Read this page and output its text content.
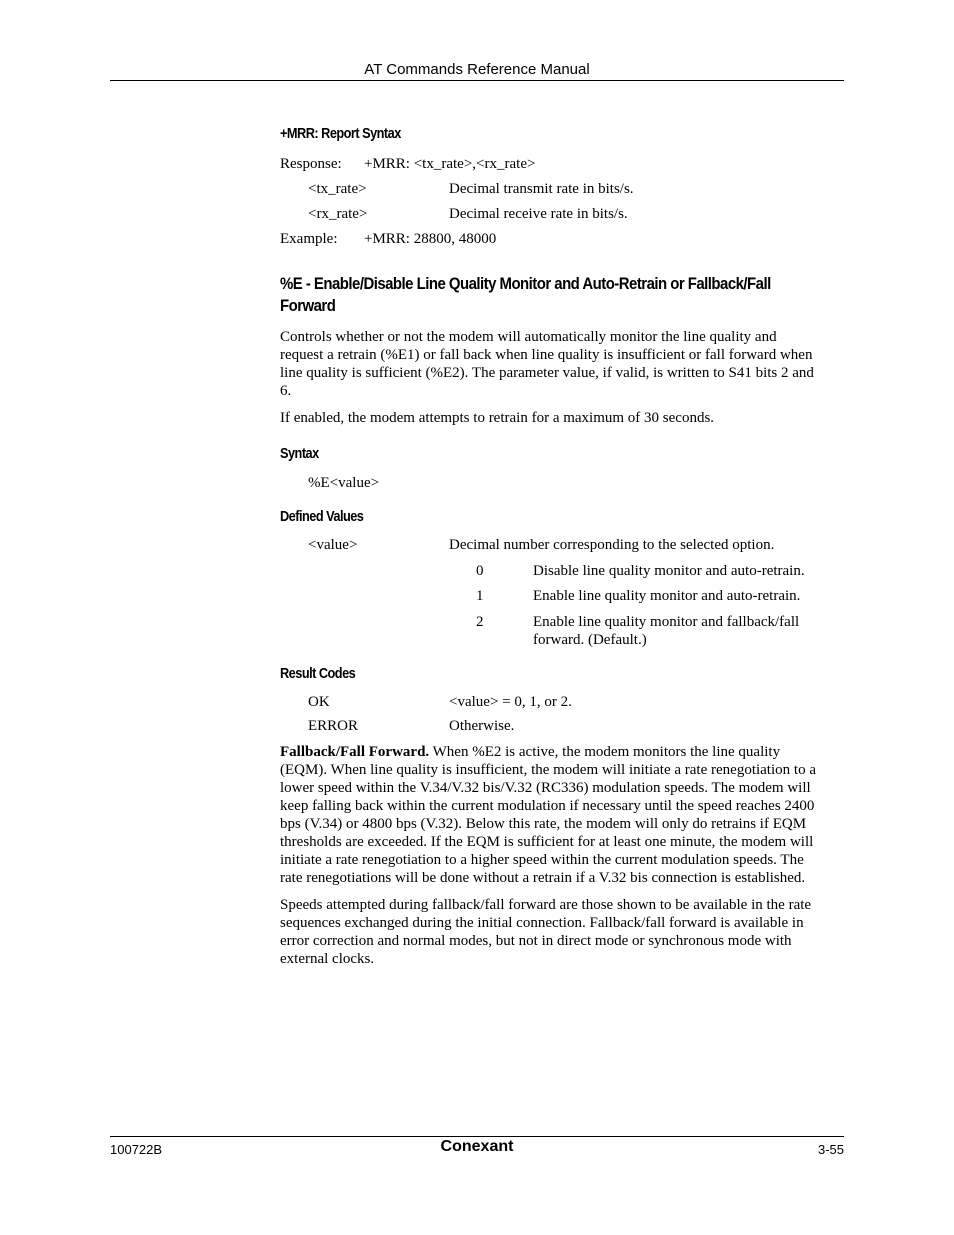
AT Commands Reference Manual
+MRR: Report Syntax
Response: +MRR: <tx_rate>,<rx_rate>
<tx_rate>	Decimal transmit rate in bits/s.
<rx_rate>	Decimal receive rate in bits/s.
Example: +MRR: 28800, 48000
%E - Enable/Disable Line Quality Monitor and Auto-Retrain or Fallback/Fall
Forward

Controls whether or not the modem will automatically monitor the line quality and

request a retrain (%E1) or fall back when line quality is insufficient or fall forward when

line quality is sufficient (%E2). The parameter value, if valid, is written to S41 bits 2 and

6.

If enabled, the modem attempts to retrain for a maximum of 30 seconds.
Syntax
%E<value>
Defined Values
<value>	Decimal number corresponding to the selected option.
0	Disable line quality monitor and auto-retrain.
1	Enable line quality monitor and auto-retrain.
2	Enable line quality monitor and fallback/fall

forward. (Default.)

Result Codes
OK	<value> = 0, 1, or 2.
ERROR	Otherwise.

Fallback/Fall Forward. When %E2 is active, the modem monitors the line quality

(EQM). When line quality is insufficient, the modem will initiate a rate renegotiation to a

lower speed within the V.34/V.32 bis/V.32 (RC336) modulation speeds. The modem will

keep falling back within the current modulation if necessary until the speed reaches 2400

bps (V.34) or 4800 bps (V.32). Below this rate, the modem will only do retrains if EQM

thresholds are exceeded. If the EQM is sufficient for at least one minute, the modem will

initiate a rate renegotiation to a higher speed within the current modulation speeds. The

rate renegotiations will be done without a retrain if a V.32 bis connection is established.

Speeds attempted during fallback/fall forward are those shown to be available in the rate

sequences exchanged during the initial connection. Fallback/fall forward is available in

error correction and normal modes, but not in direct mode or synchronous mode with

external clocks.

100722B	Conexant	3-55
